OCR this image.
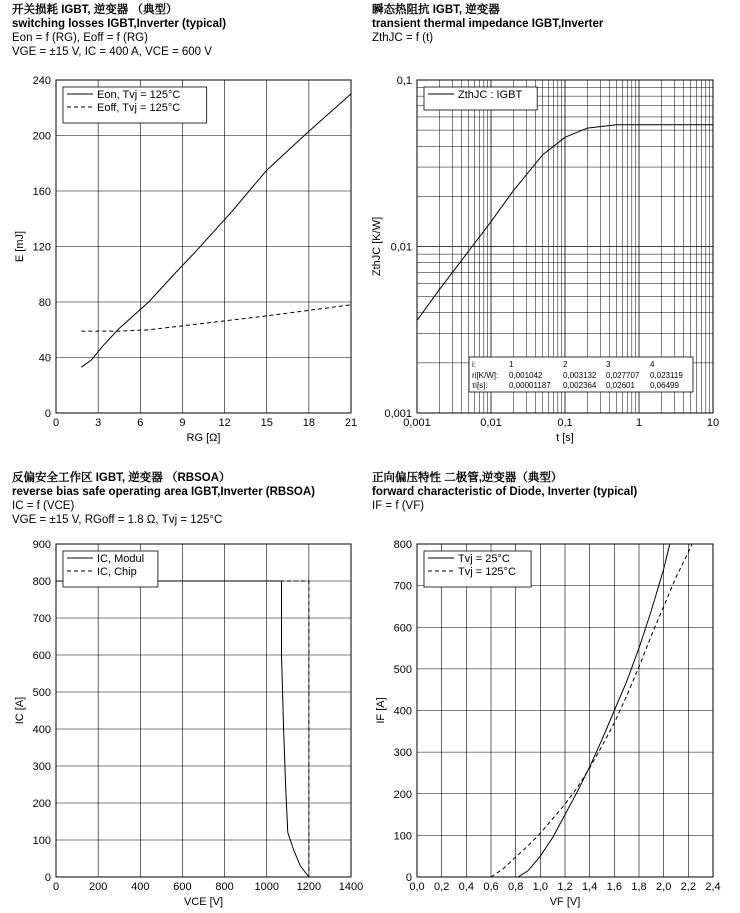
开关损耗 IGBT, 逆变器 （典型）
switching losses IGBT,Inverter (typical)
Eon = f (RG), Eoff = f (RG)
VGE = ±15 V, IC = 400 A, VCE = 600 V
瞬态热阻抗 IGBT, 逆变器
transient thermal impedance IGBT,Inverter
ZthJC = f (t)
反偏安全工作区 IGBT, 逆变器 （RBSOA）
reverse bias safe operating area IGBT,Inverter (RBSOA)
IC = f (VCE)
VGE = ±15 V, RGoff = 1.8 Ω, Tvj = 125°C
正向偏压特性 二极管,逆变器（典型）
forward characteristic of Diode, Inverter (typical)
IF = f (VF)
0	3	6	9	12	15	18	21
0
40
80
120
160
200
240
RG [Ω]
E [mJ]
Eon, Tvj = 125°C
Eoff, Tvj = 125°C
0,001	0,01	0,1	1	10
0,001
0,01
0,1
t [s]
ZthJC [K/W]
ZthJC : IGBT
i:	1	2	3	4
ri[K/W]: 0,001042	0,003132 0,027707 0,023119
τi[s]:	0,00001187 0,002364 0,02601 0,06499
0	200 400 600 800 1000 1200 1400
0
100
200
300
400
500
600
700
800
900
VCE [V]
IC [A]
IC, Modul
IC, Chip
0,0 0,2 0,4 0,6 0,8 1,0 1,2 1,4 1,6 1,8 2,0 2,2 2,4
0
100
200
300
400
500
600
700
800
VF [V]
IF [A]
Tvj = 25°C
Tvj = 125°C
